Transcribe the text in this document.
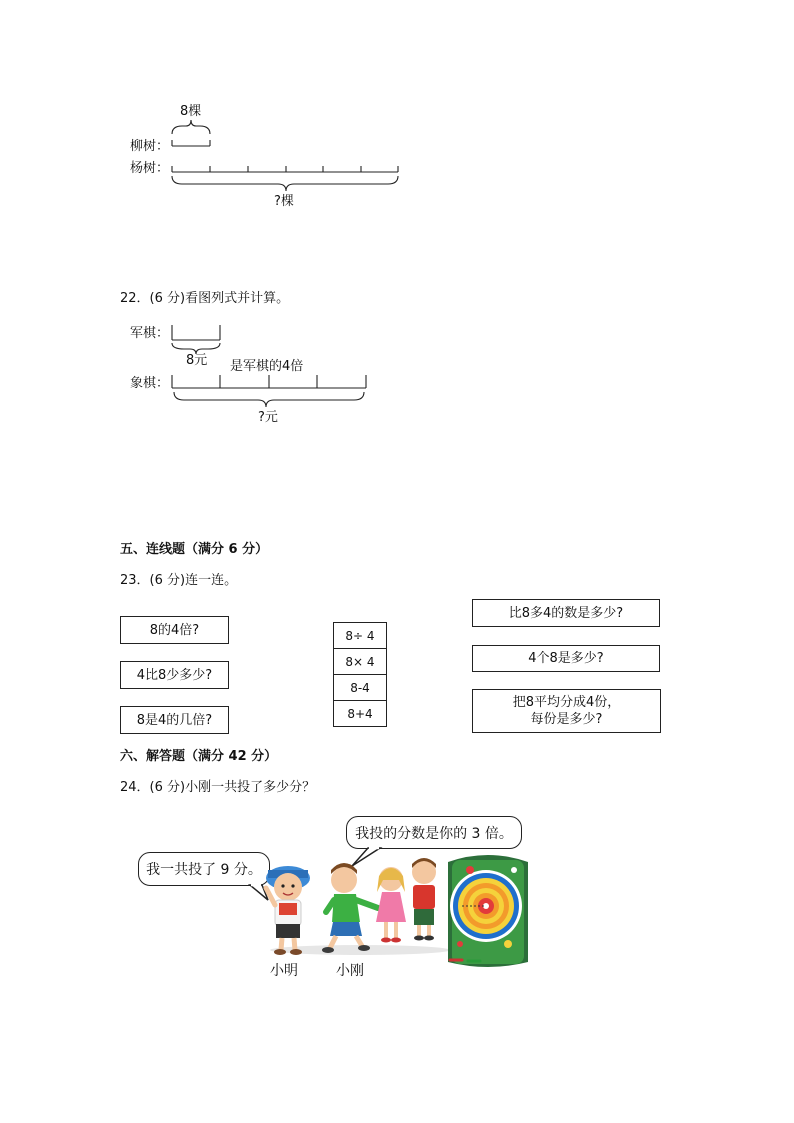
8棵
柳树：
杨树：
?棵
22．(6 分)看图列式并计算。
军棋：
8元 是军棋的4倍
象棋：
?元
五、连线题（满分 6 分）
23．(6 分)连一连。
8的4倍?
4比8少多少?
8是4的几倍?
8÷ 4
8× 4
8-4
8+4
比8多4的数是多少?
4个8是多少?
把8平均分成4份，
每份是多少?
六、解答题（满分 42 分）
24．(6 分)小刚一共投了多少分？
我一共投了 9 分。
我投的分数是你的 3 倍。
小明	小刚
